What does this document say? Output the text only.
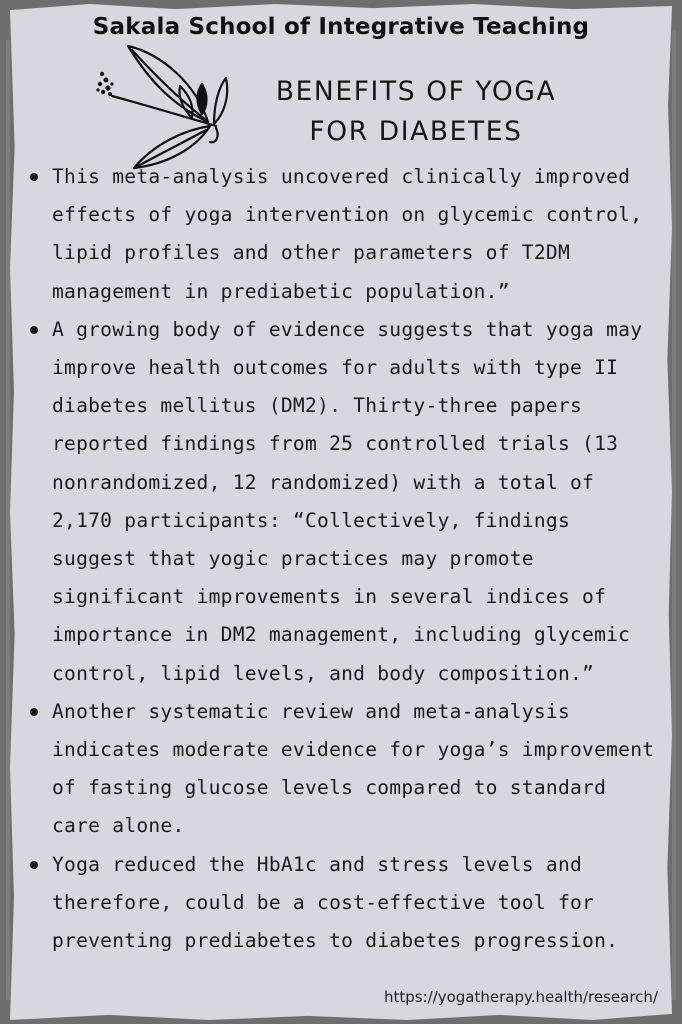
Sakala School of Integrative Teaching
BENEFITS OF YOGA
FOR DIABETES
This meta-analysis uncovered clinically improved effects of yoga intervention on glycemic control, lipid profiles and other parameters of T2DM management in prediabetic population.”
A growing body of evidence suggests that yoga may improve health outcomes for adults with type II diabetes mellitus (DM2). Thirty-three papers reported findings from 25 controlled trials (13 nonrandomized, 12 randomized) with a total of 2,170 participants: “Collectively, findings suggest that yogic practices may promote significant improvements in several indices of importance in DM2 management, including glycemic control, lipid levels, and body composition.”
Another systematic review and meta-analysis indicates moderate evidence for yoga’s improvement of fasting glucose levels compared to standard care alone.
Yoga reduced the HbA1c and stress levels and therefore, could be a cost-effective tool for preventing prediabetes to diabetes progression.
https://yogatherapy.health/research/
